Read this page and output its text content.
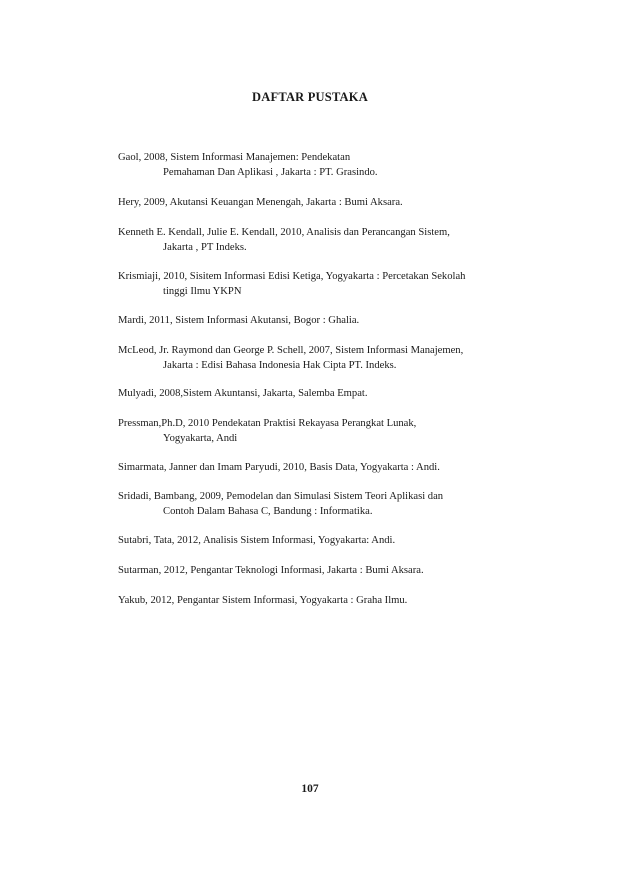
DAFTAR PUSTAKA
Gaol, 2008, Sistem Informasi Manajemen: Pendekatan
Pemahaman Dan Aplikasi , Jakarta : PT. Grasindo.
Hery, 2009, Akutansi Keuangan Menengah, Jakarta : Bumi Aksara.
Kenneth E. Kendall, Julie E. Kendall, 2010, Analisis dan Perancangan Sistem,
Jakarta , PT Indeks.
Krismiaji, 2010, Sisitem Informasi Edisi Ketiga, Yogyakarta : Percetakan Sekolah
tinggi Ilmu YKPN
Mardi, 2011, Sistem Informasi Akutansi, Bogor : Ghalia.
McLeod, Jr. Raymond dan George P. Schell, 2007, Sistem Informasi Manajemen,
Jakarta : Edisi Bahasa Indonesia Hak Cipta PT. Indeks.
Mulyadi, 2008,Sistem Akuntansi, Jakarta, Salemba Empat.
Pressman,Ph.D, 2010 Pendekatan Praktisi Rekayasa Perangkat Lunak,
Yogyakarta, Andi
Simarmata, Janner dan Imam Paryudi, 2010, Basis Data, Yogyakarta : Andi.
Sridadi, Bambang, 2009, Pemodelan dan Simulasi Sistem Teori Aplikasi dan
Contoh Dalam Bahasa C, Bandung : Informatika.
Sutabri, Tata, 2012, Analisis Sistem Informasi, Yogyakarta: Andi.
Sutarman, 2012, Pengantar Teknologi Informasi, Jakarta : Bumi Aksara.
Yakub, 2012, Pengantar Sistem Informasi, Yogyakarta : Graha Ilmu.
107
